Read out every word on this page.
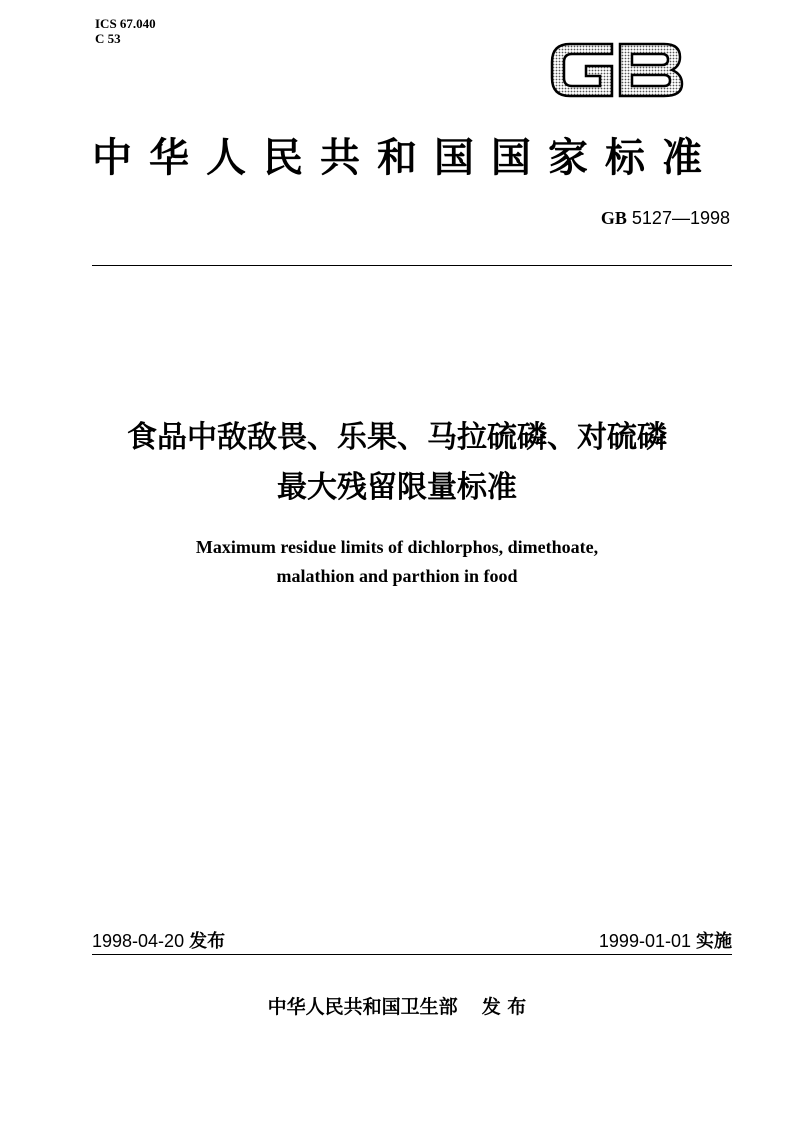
ICS 67.040
C 53
中华人民共和国国家标准
GB 5127—1998
食品中敌敌畏、乐果、马拉硫磷、对硫磷
最大残留限量标准
Maximum residue limits of dichlorphos, dimethoate,
malathion and parthion in food
1998-04-20 发布	1999-01-01 实施
中华人民共和国卫生部 发 布
